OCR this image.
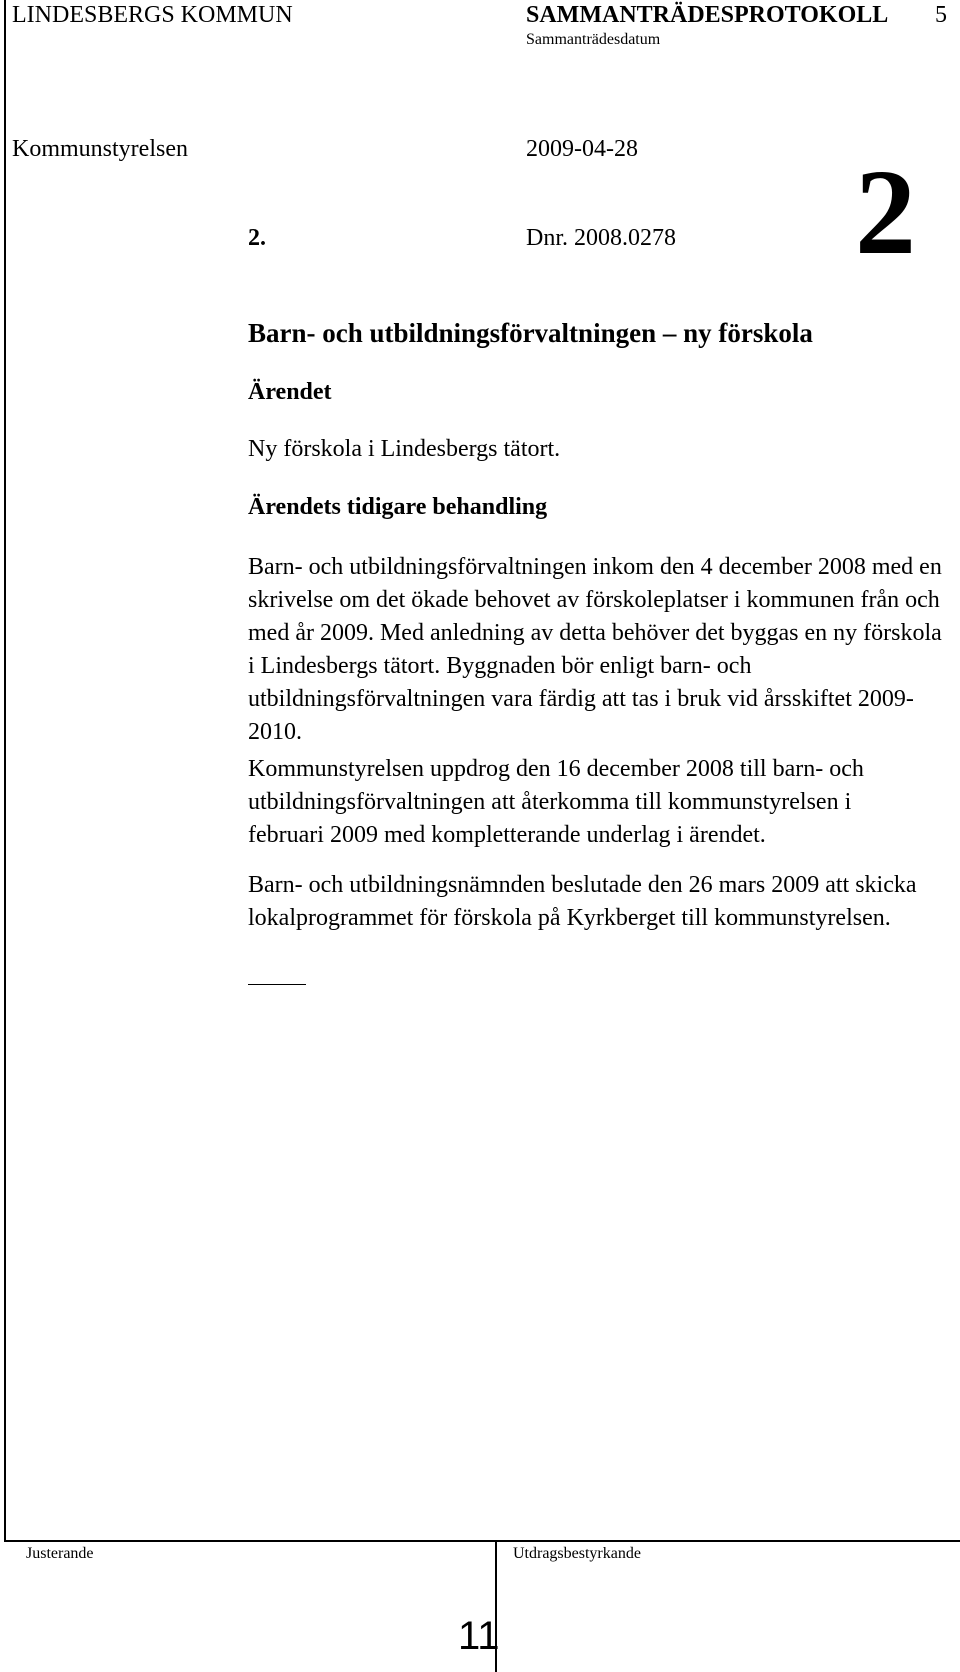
LINDESBERGS KOMMUN	SAMMANTRÄDESPROTOKOLL 5
Sammanträdesdatum
Kommunstyrelsen	2009-04-28
2.	Dnr. 2008.0278 2
Barn- och utbildningsförvaltningen – ny förskola
Ärendet
Ny förskola i Lindesbergs tätort.
Ärendets tidigare behandling
Barn- och utbildningsförvaltningen inkom den 4 december 2008 med en skrivelse om det ökade behovet av förskoleplatser i kommunen från och med år 2009. Med anledning av detta behöver det byggas en ny förskola i Lindesbergs tätort. Byggnaden bör enligt barn- och utbildningsförvaltningen vara färdig att tas i bruk vid årsskiftet 2009-2010.
Kommunstyrelsen uppdrog den 16 december 2008 till barn- och utbildningsförvaltningen att återkomma till kommunstyrelsen i februari 2009 med kompletterande underlag i ärendet.
Barn- och utbildningsnämnden beslutade den 26 mars 2009 att skicka lokalprogrammet för förskola på Kyrkberget till kommunstyrelsen.
Justerande	Utdragsbestyrkande
11
